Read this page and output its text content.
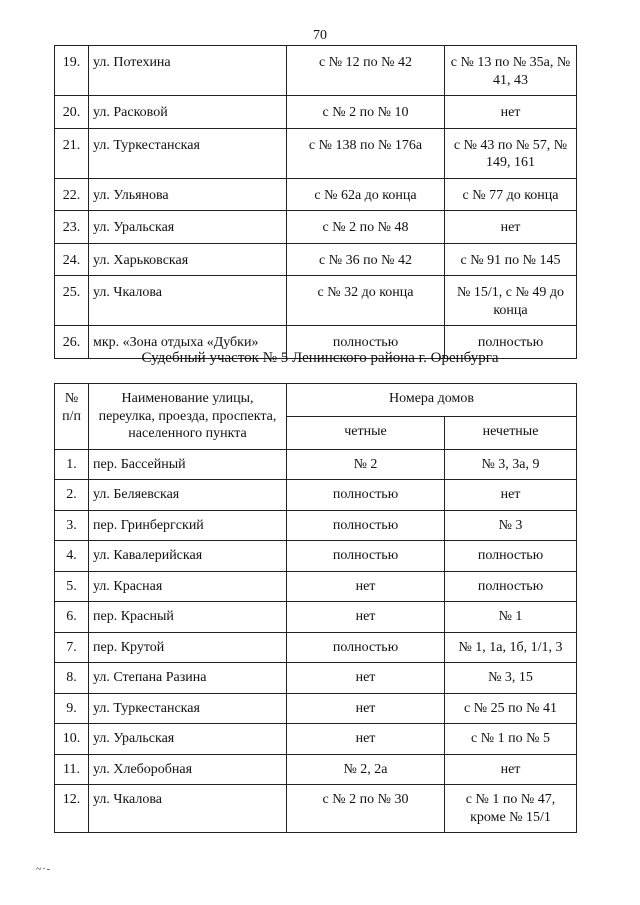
70
19.	ул. Потехина	с № 12 по № 42	с № 13 по № 35а, № 41, 43
20.	ул. Расковой	с № 2 по № 10	нет
21.	ул. Туркестанская	с № 138 по № 176а	с № 43 по № 57, № 149, 161
22.	ул. Ульянова	с № 62а до конца	с № 77 до конца
23.	ул. Уральская	с № 2 по № 48	нет
24.	ул. Харьковская	с № 36 по № 42	с № 91 по № 145
25.	ул. Чкалова	с № 32 до конца	№ 15/1, с № 49 до конца
26.	мкр. «Зона отдыха «Дубки»	полностью	полностью
Судебный участок № 5 Ленинского района г. Оренбурга
№ п/п	Наименование улицы, переулка, проезда, проспекта, населенного пункта	Номера домов	
		четные	нечетные
1.	пер. Бассейный	№ 2	№ 3, 3а, 9
2.	ул. Беляевская	полностью	нет
3.	пер. Гринбергский	полностью	№ 3
4.	ул. Кавалерийская	полностью	полностью
5.	ул. Красная	нет	полностью
6.	пер. Красный	нет	№ 1
7.	пер. Крутой	полностью	№ 1, 1а, 1б, 1/1, 3
8.	ул. Степана Разина	нет	№ 3, 15
9.	ул. Туркестанская	нет	с № 25 по № 41
10.	ул. Уральская	нет	с № 1 по № 5
11.	ул. Хлеборобная	№ 2, 2а	нет
12.	ул. Чкалова	с № 2 по № 30	с № 1 по № 47, кроме № 15/1
~·-
